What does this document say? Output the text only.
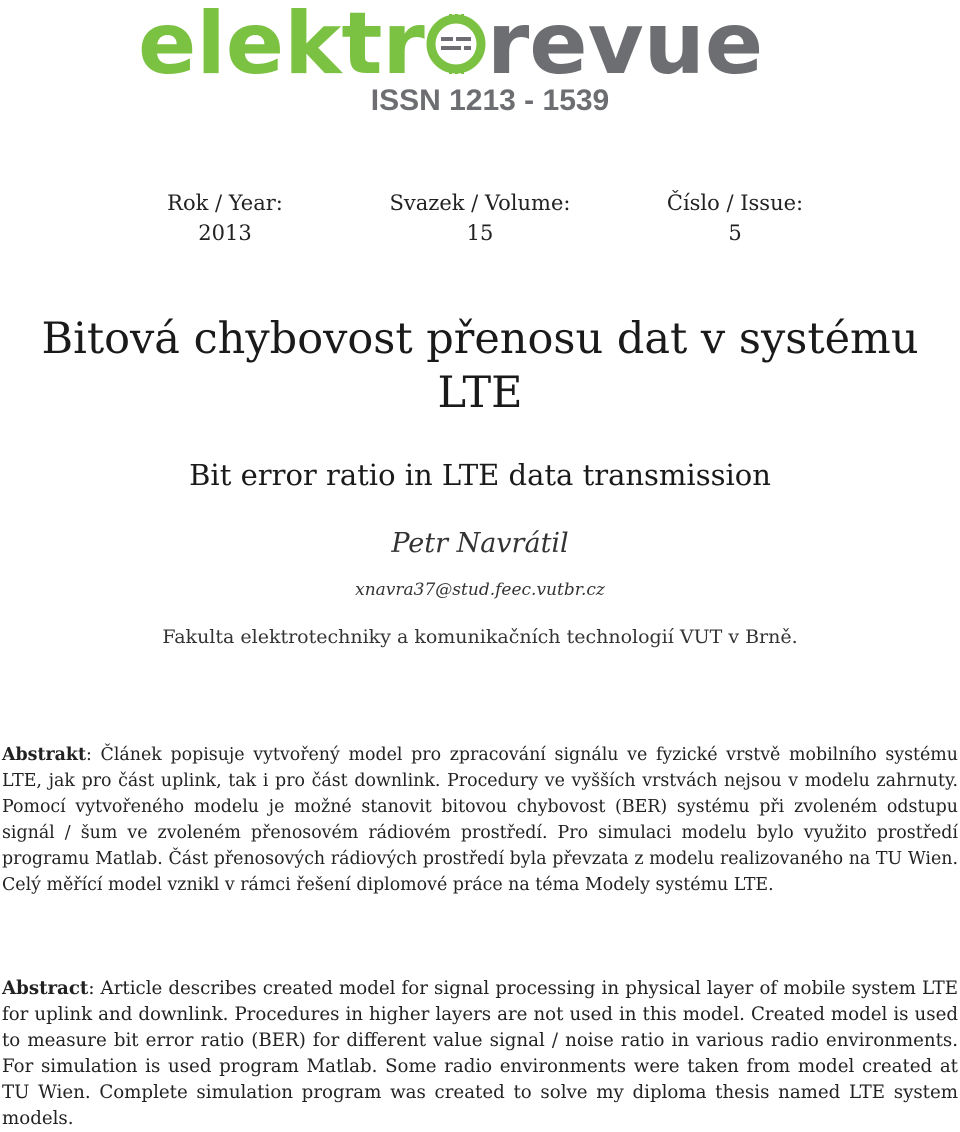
elektr revue
ISSN 1213 - 1539
Rok / Year:
2013
Svazek / Volume:
15
Číslo / Issue:
5
Bitová chybovost přenosu dat v systému LTE
Bit error ratio in LTE data transmission
Petr Navrátil
xnavra37@stud.feec.vutbr.cz
Fakulta elektrotechniky a komunikačních technologií VUT v Brně.
Abstrakt: Článek popisuje vytvořený model pro zpracování signálu ve fyzické vrstvě mobilního systému LTE, jak pro část uplink, tak i pro část downlink. Procedury ve vyšších vrstvách nejsou v modelu zahrnuty. Pomocí vytvořeného modelu je možné stanovit bitovou chybovost (BER) systému při zvoleném odstupu signál / šum ve zvoleném přenosovém rádiovém prostředí. Pro simulaci modelu bylo využito prostředí programu Matlab. Část přenosových rádiových prostředí byla převzata z modelu realizovaného na TU Wien. Celý měřící model vznikl v rámci řešení diplomové práce na téma Modely systému LTE.
Abstract: Article describes created model for signal processing in physical layer of mobile system LTE for uplink and downlink. Procedures in higher layers are not used in this model. Created model is used to measure bit error ratio (BER) for different value signal / noise ratio in various radio environments. For simulation is used program Matlab. Some radio environments were taken from model created at TU Wien. Complete simulation program was created to solve my diploma thesis named LTE system models.
